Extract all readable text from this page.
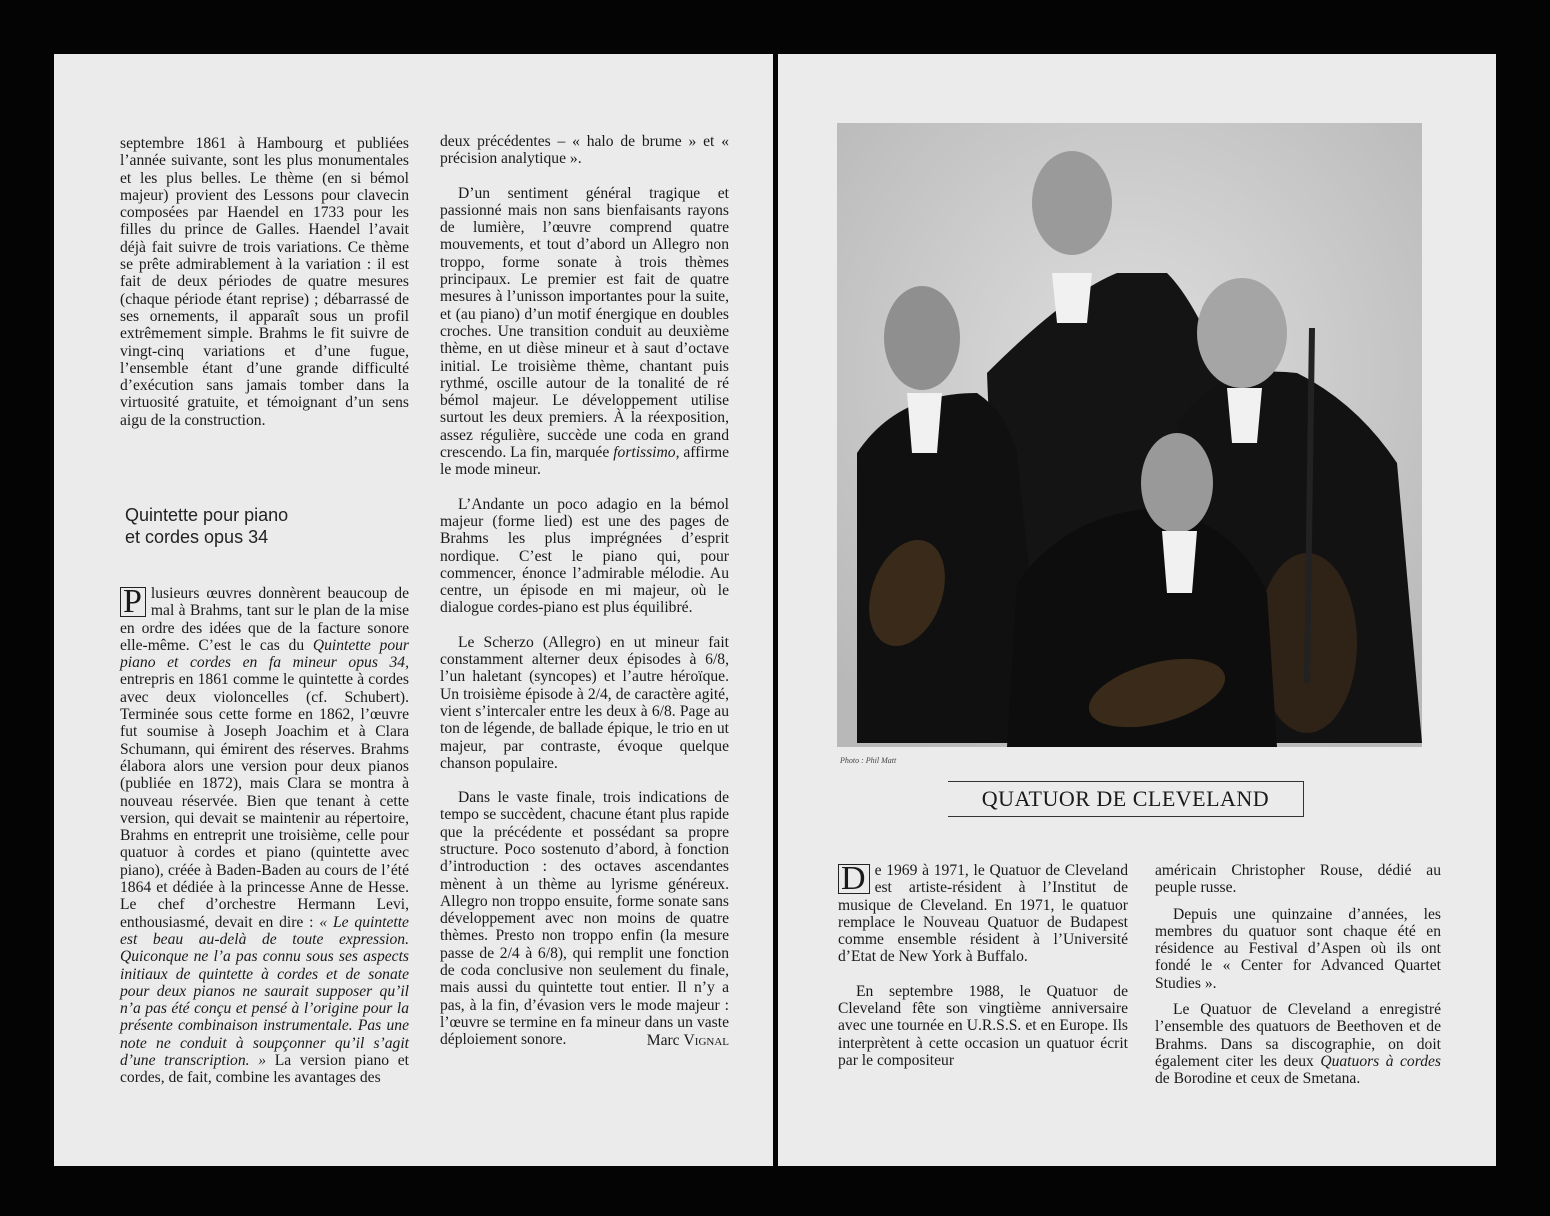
septembre 1861 à Hambourg et publiées l’année suivante, sont les plus monumentales et les plus belles. Le thème (en si bémol majeur) provient des Lessons pour clavecin composées par Haendel en 1733 pour les filles du prince de Galles. Haendel l’avait déjà fait suivre de trois variations. Ce thème se prête admirablement à la variation : il est fait de deux périodes de quatre mesures (chaque période étant reprise) ; débarrassé de ses ornements, il apparaît sous un profil extrêmement simple. Brahms le fit suivre de vingt-cinq variations et d’une fugue, l’ensemble étant d’une grande difficulté d’exécution sans jamais tomber dans la virtuosité gratuite, et témoignant d’un sens aigu de la construction.

Quintette pour piano
et cordes opus 34

P lusieurs œuvres donnèrent beaucoup de mal à Brahms, tant sur le plan de la mise en ordre des idées que de la facture sonore elle-même. C’est le cas du Quintette pour piano et cordes en fa mineur opus 34, entrepris en 1861 comme le quintette à cordes avec deux violoncelles (cf. Schubert). Terminée sous cette forme en 1862, l’œuvre fut soumise à Joseph Joachim et à Clara Schumann, qui émirent des réserves. Brahms élabora alors une version pour deux pianos (publiée en 1872), mais Clara se montra à nouveau réservée. Bien que tenant à cette version, qui devait se maintenir au répertoire, Brahms en entreprit une troisième, celle pour quatuor à cordes et piano (quintette avec piano), créée à Baden-Baden au cours de l’été 1864 et dédiée à la princesse Anne de Hesse. Le chef d’orchestre Hermann Levi, enthousiasmé, devait en dire : « Le quintette est beau au-delà de toute expression. Quiconque ne l’a pas connu sous ses aspects initiaux de quintette à cordes et de sonate pour deux pianos ne saurait supposer qu’il n’a pas été conçu et pensé à l’origine pour la présente combinaison instrumentale. Pas une note ne conduit à soupçonner qu’il s’agit d’une transcription. » La version piano et cordes, de fait, combine les avantages des

deux précédentes – « halo de brume » et « précision analytique ».

D’un sentiment général tragique et passionné mais non sans bienfaisants rayons de lumière, l’œuvre comprend quatre mouvements, et tout d’abord un Allegro non troppo, forme sonate à trois thèmes principaux. Le premier est fait de quatre mesures à l’unisson importantes pour la suite, et (au piano) d’un motif énergique en doubles croches. Une transition conduit au deuxième thème, en ut dièse mineur et à saut d’octave initial. Le troisième thème, chantant puis rythmé, oscille autour de la tonalité de ré bémol majeur. Le développement utilise surtout les deux premiers. À la réexposition, assez régulière, succède une coda en grand crescendo. La fin, marquée fortissimo, affirme le mode mineur.

L’Andante un poco adagio en la bémol majeur (forme lied) est une des pages de Brahms les plus imprégnées d’esprit nordique. C’est le piano qui, pour commencer, énonce l’admirable mélodie. Au centre, un épisode en mi majeur, où le dialogue cordes-piano est plus équilibré.

Le Scherzo (Allegro) en ut mineur fait constamment alterner deux épisodes à 6/8, l’un haletant (syncopes) et l’autre héroïque. Un troisième épisode à 2/4, de caractère agité, vient s’intercaler entre les deux à 6/8. Page au ton de légende, de ballade épique, le trio en ut majeur, par contraste, évoque quelque chanson populaire.

Dans le vaste finale, trois indications de tempo se succèdent, chacune étant plus rapide que la précédente et possédant sa propre structure. Poco sostenuto d’abord, à fonction d’introduction : des octaves ascendantes mènent à un thème au lyrisme généreux. Allegro non troppo ensuite, forme sonate sans développement avec non moins de quatre thèmes. Presto non troppo enfin (la mesure passe de 2/4 à 6/8), qui remplit une fonction de coda conclusive non seulement du finale, mais aussi du quintette tout entier. Il n’y a pas, à la fin, d’évasion vers le mode majeur : l’œuvre se termine en fa mineur dans un vaste déploiement sonore.	Marc Vignal
Photo : Phil Matt
QUATUOR DE CLEVELAND

D e 1969 à 1971, le Quatuor de Cleveland est artiste-résident à l’Institut de musique de Cleveland. En 1971, le quatuor remplace le Nouveau Quatuor de Budapest comme ensemble résident à l’Université d’Etat de New York à Buffalo.

En septembre 1988, le Quatuor de Cleveland fête son vingtième anniversaire avec une tournée en U.R.S.S. et en Europe. Ils interprètent à cette occasion un quatuor écrit par le compositeur

américain Christopher Rouse, dédié au peuple russe.

Depuis une quinzaine d’années, les membres du quatuor sont chaque été en résidence au Festival d’Aspen où ils ont fondé le « Center for Advanced Quartet Studies ».

Le Quatuor de Cleveland a enregistré l’ensemble des quatuors de Beethoven et de Brahms. Dans sa discographie, on doit également citer les deux Quatuors à cordes de Borodine et ceux de Smetana.
